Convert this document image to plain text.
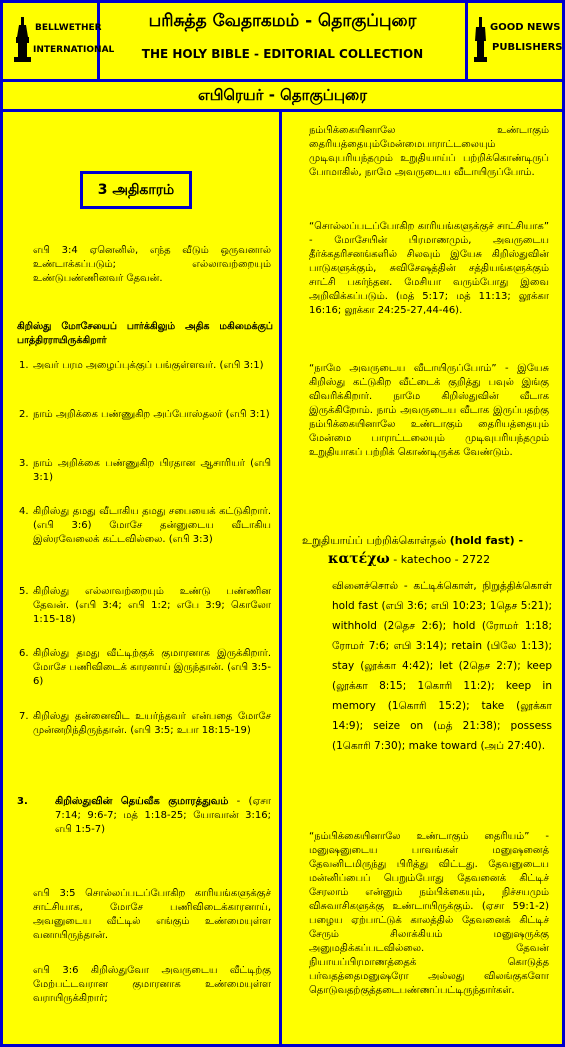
BELLWETHER
INTERNATIONAL
பரிசுத்த வேதாகமம் - தொகுப்புரை
THE HOLY BIBLE - EDITORIAL COLLECTION
GOOD NEWS
PUBLISHERS
எபிரெயர் - தொகுப்புரை
3 அதிகாரம்
எபி 3:4 ஏனெனில், எந்த வீடும் ஒருவனால் உண்டாக்கப்படும்; எல்லாவற்றையும் உண்டுபண்ணினவர் தேவன்.
கிறிஸ்து மோசேயைப் பார்க்கிலும் அதிக மகிமைக்குப் பாத்திரராயிருக்கிறார்
1. அவர் பரம அழைப்புக்குப் பங்குள்ளவர். (எபி 3:1)
2. நாம் அறிக்கை பண்ணுகிற அப்போஸ்தலர் (எபி 3:1)
3. நாம் அறிக்கை பண்ணுகிற பிரதான ஆசாரியர் (எபி 3:1)
4. கிறிஸ்து தமது வீடாகிய தமது சபையைக் கட்டுகிறார். (எபி 3:6) மோசே தன்னுடைய வீடாகிய இஸ்ரவேலைக் கட்டவில்லை. (எபி 3:3)
5. கிறிஸ்து எல்லாவற்றையும் உண்டு பண்ணின தேவன். (எபி 3:4; எபி 1:2; எபே 3:9; கொலோ 1:15-18)
6. கிறிஸ்து தமது வீட்டிற்குக் குமாரனாக இருக்கிறார். மோசே பணிவிடைக் காரனாய் இருந்தான். (எபி 3:5-6)
7. கிறிஸ்து தன்னைவிட உயர்ந்தவர் என்பதை மோசே முன்னறிந்திருந்தான். (எபி 3:5; உபா 18:15-19)
3.	கிறிஸ்துவின் தெய்வீக குமாரத்துவம் - (ஏசா 7:14; 9:6-7; மத் 1:18-25; யோவான் 3:16; எபி 1:5-7)
எபி 3:5 சொல்லப்படப்போகிற காரியங்களுக்குச் சாட்சியாக, மோசே பணிவிடைக்காரனாய், அவனுடைய வீட்டில் எங்கும் உண்மையுள்ள வனாயிருந்தான்.
எபி 3:6 கிறிஸ்துவோ அவருடைய வீட்டிற்கு மேற்பட்டவரான குமாரனாக உண்மையுள்ள வராயிருக்கிறார்;
நம்பிக்கையினாலே உண்டாகும் தைரியத்தையும்மேன்மைபாராட்டலையும் முடிவுபரியந்தமும் உறுதியாய்ப் பற்றிக்கொண்டிருப் போமாகில், நாமே அவருடைய வீடாயிருப்போம்.
“சொல்லப்படப்போகிற காரியங்களுக்குச் சாட்சியாக” - மோசேயின் பிரமாணமும், அவருடைய தீர்க்கதரிசனங்களில் சிலவும் இயேசு கிறிஸ்துவின் பாடுகளுக்கும், சுவிசேஷத்தின் சத்தியங்களுக்கும் சாட்சி பகர்ந்தன. மேசியா வரும்போது இவை அறிவிக்கப்படும். (மத் 5:17; மத் 11:13; லூக்கா 16:16; லூக்கா 24:25-27,44-46).
“நாமே அவருடைய வீடாயிருப்போம்” - இயேசு கிறிஸ்து கட்டுகிற வீட்டைக் குறித்து பவுல் இங்கு விவரிக்கிறார். நாமே கிறிஸ்துவின் வீடாக இருக்கிறோம். நாம் அவருடைய வீடாக இருப்பதற்கு நம்பிக்கையினாலே உண்டாகும் தைரியத்தையும் மேன்மை பாராட்டலையும் முடிவுபரியந்தமும் உறுதியாகப் பற்றிக் கொண்டிருக்க வேண்டும்.
உறுதியாய்ப் பற்றிக்கொள்தல் (hold fast) -
κατέχω - katechoo - 2722
வினைச்சொல் - கட்டிக்கொள், நிறுத்திக்கொள் hold fast (எபி 3:6; எபி 10:23; 1தெச 5:21); withhold (2தெச 2:6); hold (ரோமர் 1:18; ரோமர் 7:6; எபி 3:14); retain (பிலே 1:13); stay (லூக்கா 4:42); let (2தெச 2:7); keep (லூக்கா 8:15; 1கொரி 11:2); keep in memory (1கொரி 15:2); take (லூக்கா 14:9); seize on (மத் 21:38); possess (1கொரி 7:30); make toward (அப் 27:40).
“நம்பிக்கையினாலே உண்டாகும் தைரியம்” - மனுஷனுடைய பாவங்கள் மனுஷனைத் தேவனிடமிருந்து பிரித்து விட்டது. தேவனுடைய மன்னிப்பைப் பெறும்போது தேவனைக் கிட்டிச் சேரலாம் என்னும் நம்பிக்கையும், நிச்சயமும் விசுவாசிகளுக்கு உண்டாயிருக்கும். (ஏசா 59:1-2) பழைய ஏற்பாட்டுக் காலத்தில் தேவனைக் கிட்டிச் சேரும் சிலாக்கியம் மனுஷருக்கு அனுமதிக்கப்படவில்லை. தேவன் நியாயப்பிரமாணத்தைக் கொடுத்த பர்வதத்தைமனுஷரோ அல்லது விலங்குகளோ தொடுவதற்குத்தடைபண்ணப்பட்டிருந்தார்கள்.
